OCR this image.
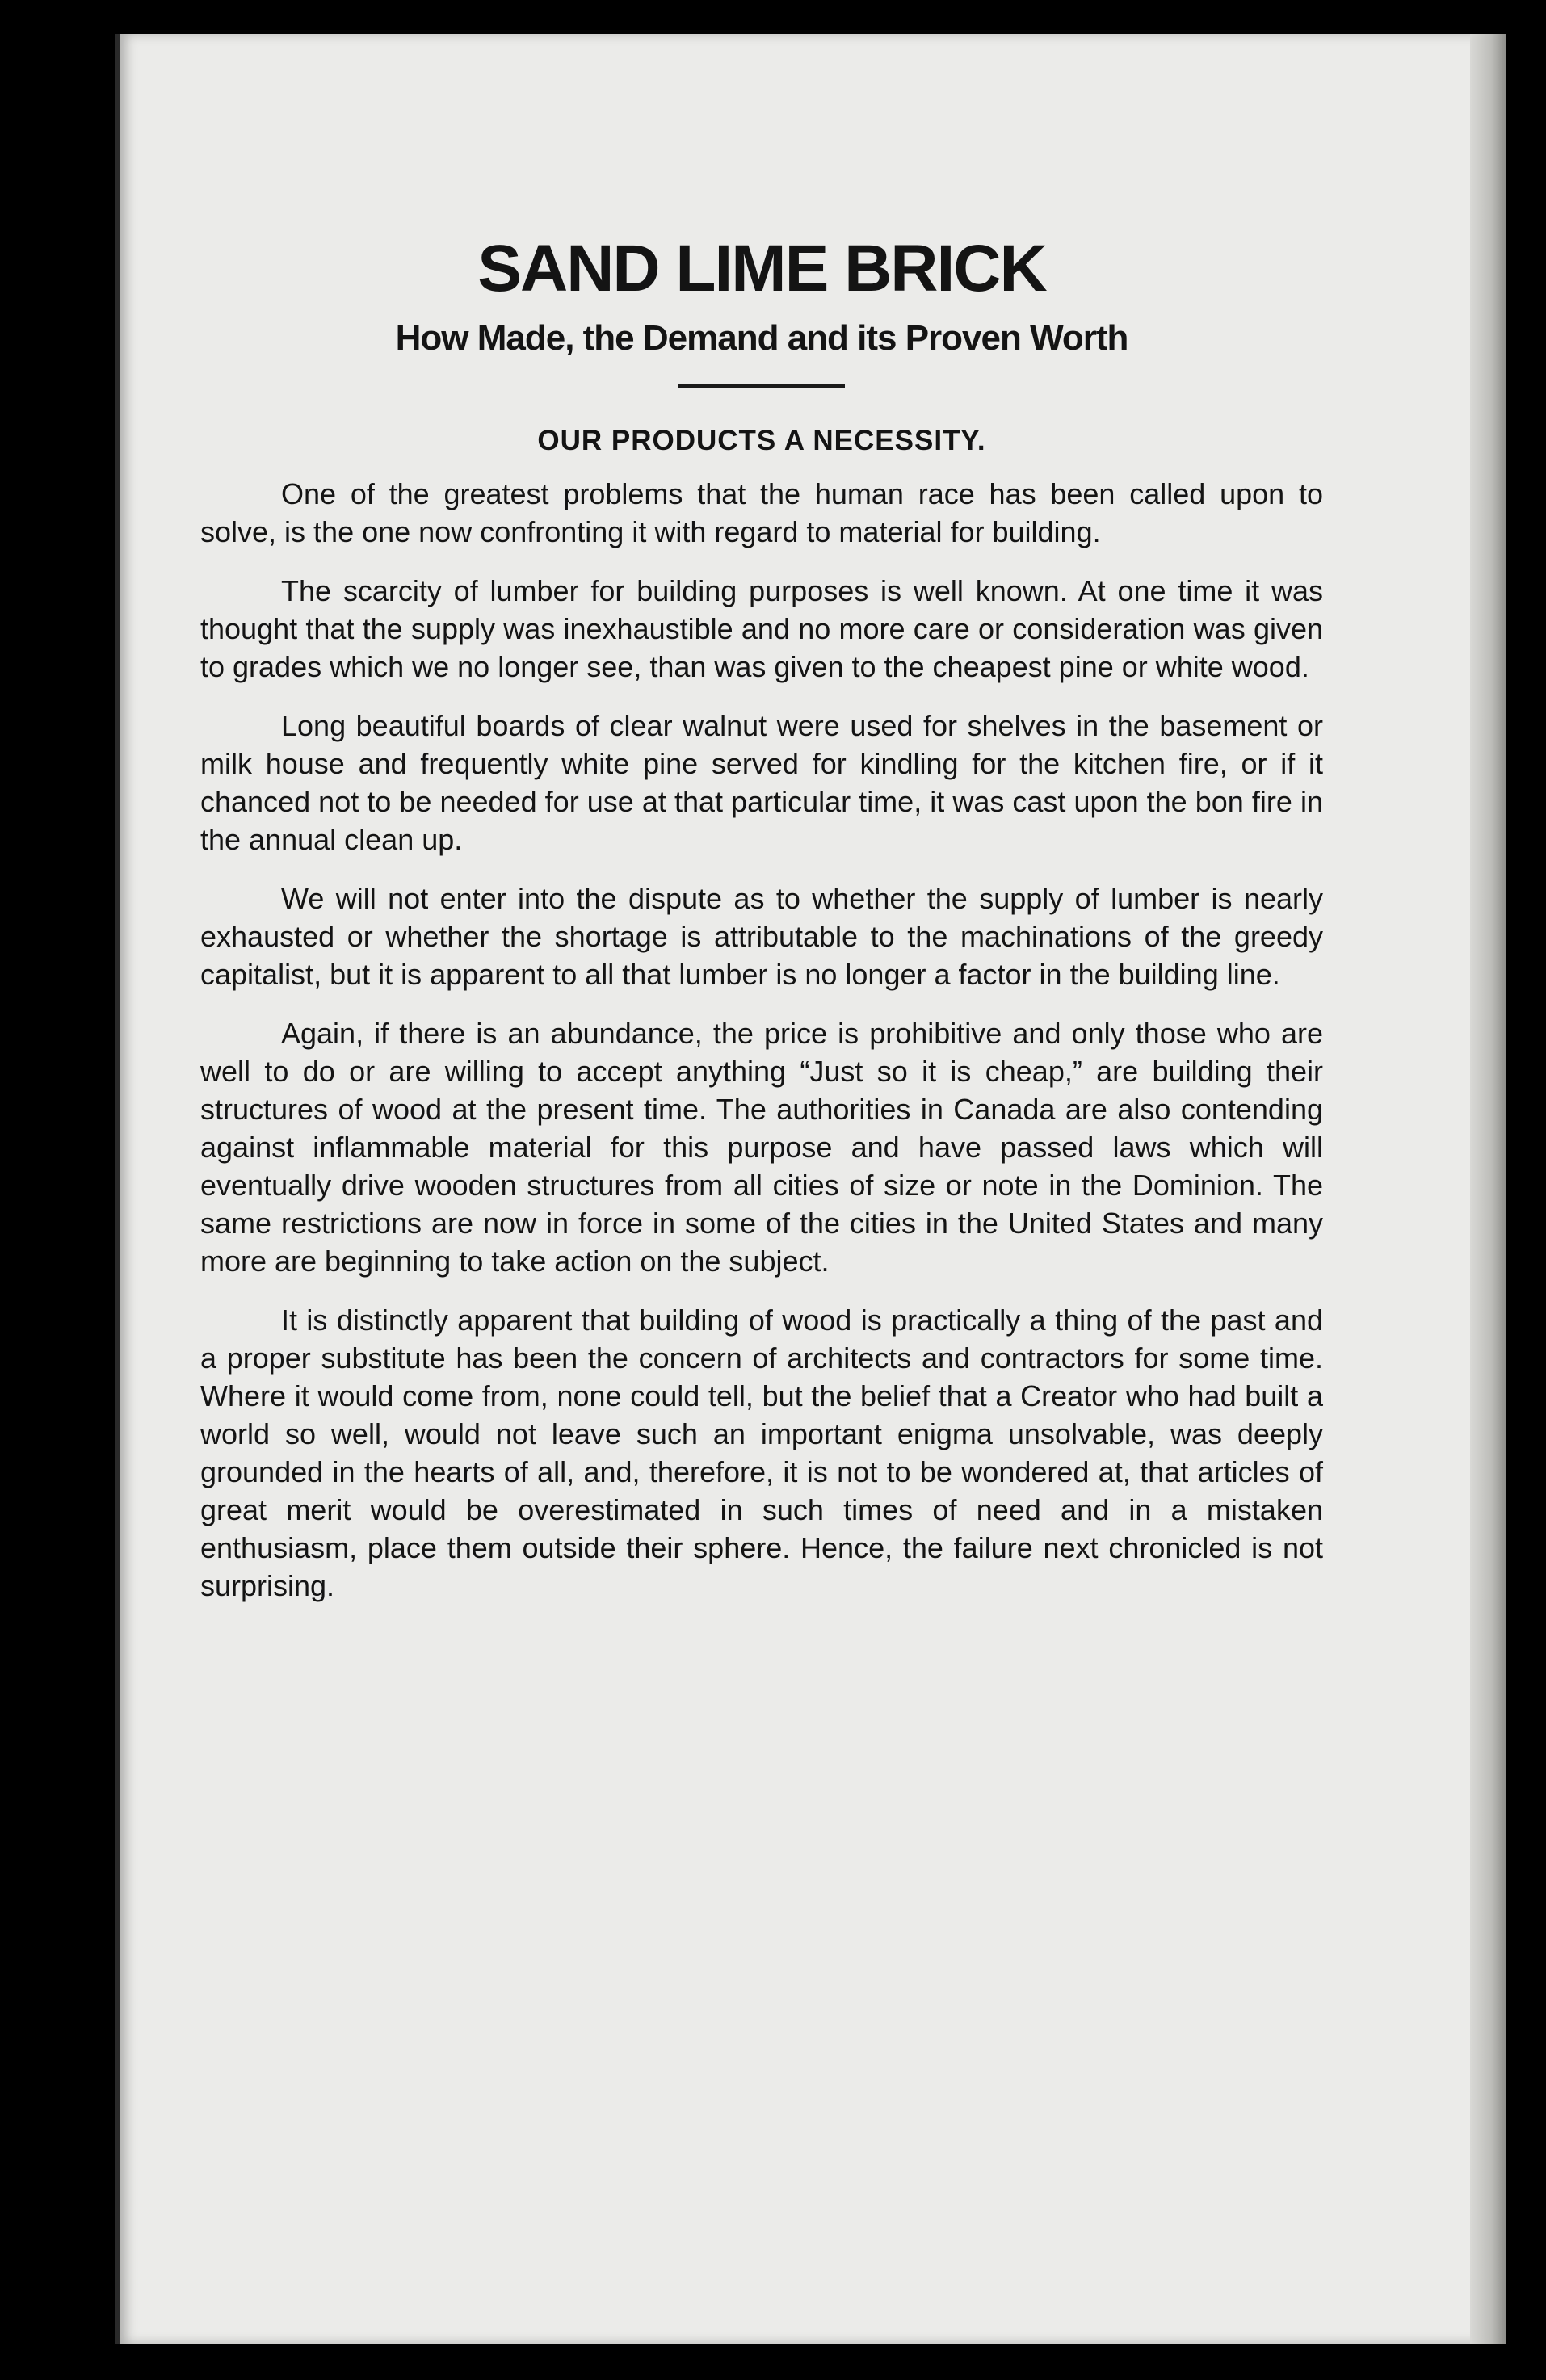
SAND LIME BRICK
How Made, the Demand and its Proven Worth
OUR PRODUCTS A NECESSITY.

One of the greatest problems that the human race has been called upon to solve, is the one now confronting it with regard to material for building.

The scarcity of lumber for building purposes is well known. At one time it was thought that the supply was inexhaustible and no more care or consideration was given to grades which we no longer see, than was given to the cheapest pine or white wood.

Long beautiful boards of clear walnut were used for shelves in the basement or milk house and frequently white pine served for kindling for the kitchen fire, or if it chanced not to be needed for use at that particular time, it was cast upon the bon fire in the annual clean up.

We will not enter into the dispute as to whether the supply of lumber is nearly exhausted or whether the shortage is attributable to the machinations of the greedy capitalist, but it is apparent to all that lumber is no longer a factor in the building line.

Again, if there is an abundance, the price is prohibitive and only those who are well to do or are willing to accept anything “Just so it is cheap,” are building their structures of wood at the present time. The authorities in Canada are also contending against inflammable material for this purpose and have passed laws which will eventually drive wooden structures from all cities of size or note in the Dominion. The same restrictions are now in force in some of the cities in the United States and many more are beginning to take action on the subject.

It is distinctly apparent that building of wood is practically a thing of the past and a proper substitute has been the concern of architects and contractors for some time. Where it would come from, none could tell, but the belief that a Creator who had built a world so well, would not leave such an important enigma unsolvable, was deeply grounded in the hearts of all, and, therefore, it is not to be wondered at, that articles of great merit would be overestimated in such times of need and in a mistaken enthusiasm, place them outside their sphere. Hence, the failure next chronicled is not surprising.
